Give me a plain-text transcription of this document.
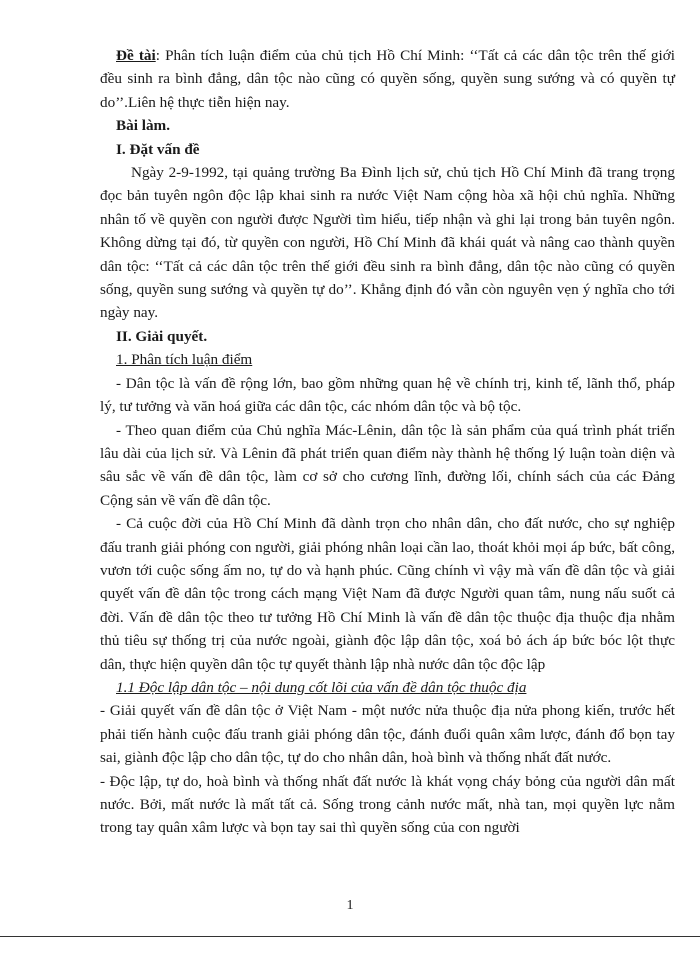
Đề tài: Phân tích luận điểm của chủ tịch Hồ Chí Minh: ‘‘Tất cả các dân tộc trên thế giới đều sinh ra bình đẳng, dân tộc nào cũng có quyền sống, quyền sung sướng và có quyền tự do’’.Liên hệ thực tiễn hiện nay.

Bài làm.

I. Đặt vấn đề

Ngày 2-9-1992, tại quảng trường Ba Đình lịch sử, chủ tịch Hồ Chí Minh đã trang trọng đọc bản tuyên ngôn độc lập khai sinh ra nước Việt Nam cộng hòa xã hội chủ nghĩa. Những nhân tố về quyền con người được Người tìm hiểu, tiếp nhận và ghi lại trong bản tuyên ngôn. Không dừng tại đó, từ quyền con người, Hồ Chí Minh đã khái quát và nâng cao thành quyền dân tộc: ‘‘Tất cả các dân tộc trên thế giới đều sinh ra bình đẳng, dân tộc nào cũng có quyền sống, quyền sung sướng và quyền tự do’’. Khẳng định đó vẫn còn nguyên vẹn ý nghĩa cho tới ngày nay.

II. Giải quyết.

1. Phân tích luận điểm

- Dân tộc là vấn đề rộng lớn, bao gồm những quan hệ về chính trị, kinh tế, lãnh thổ, pháp lý, tư tưởng và văn hoá giữa các dân tộc, các nhóm dân tộc và bộ tộc.

- Theo quan điểm của Chủ nghĩa Mác-Lênin, dân tộc là sản phẩm của quá trình phát triển lâu dài của lịch sử. Và Lênin đã phát triển quan điểm này thành hệ thống lý luận toàn diện và sâu sắc về vấn đề dân tộc, làm cơ sở cho cương lĩnh, đường lối, chính sách của các Đảng Cộng sản về vấn đề dân tộc.

- Cả cuộc đời của Hồ Chí Minh đã dành trọn cho nhân dân, cho đất nước, cho sự nghiệp đấu tranh giải phóng con người, giải phóng nhân loại cần lao, thoát khỏi mọi áp bức, bất công, vươn tới cuộc sống ấm no, tự do và hạnh phúc. Cũng chính vì vậy mà vấn đề dân tộc và giải quyết vấn đề dân tộc trong cách mạng Việt Nam đã được Người quan tâm, nung nấu suốt cả đời. Vấn đề dân tộc theo tư tưởng Hồ Chí Minh là vấn đề dân tộc thuộc địa thuộc địa nhằm thủ tiêu sự thống trị của nước ngoài, giành độc lập dân tộc, xoá bỏ ách áp bức bóc lột thực dân, thực hiện quyền dân tộc tự quyết thành lập nhà nước dân tộc độc lập

1.1 Độc lập dân tộc – nội dung cốt lõi của vấn đề dân tộc thuộc địa

- Giải quyết vấn đề dân tộc ở Việt Nam - một nước nửa thuộc địa nửa phong kiến, trước hết phải tiến hành cuộc đấu tranh giải phóng dân tộc, đánh đuổi quân xâm lược, đánh đổ bọn tay sai, giành độc lập cho dân tộc, tự do cho nhân dân, hoà bình và thống nhất đất nước.

- Độc lập, tự do, hoà bình và thống nhất đất nước là khát vọng cháy bỏng của người dân mất nước. Bởi, mất nước là mất tất cả. Sống trong cảnh nước mất, nhà tan, mọi quyền lực nằm trong tay quân xâm lược và bọn tay sai thì quyền sống của con người

1
